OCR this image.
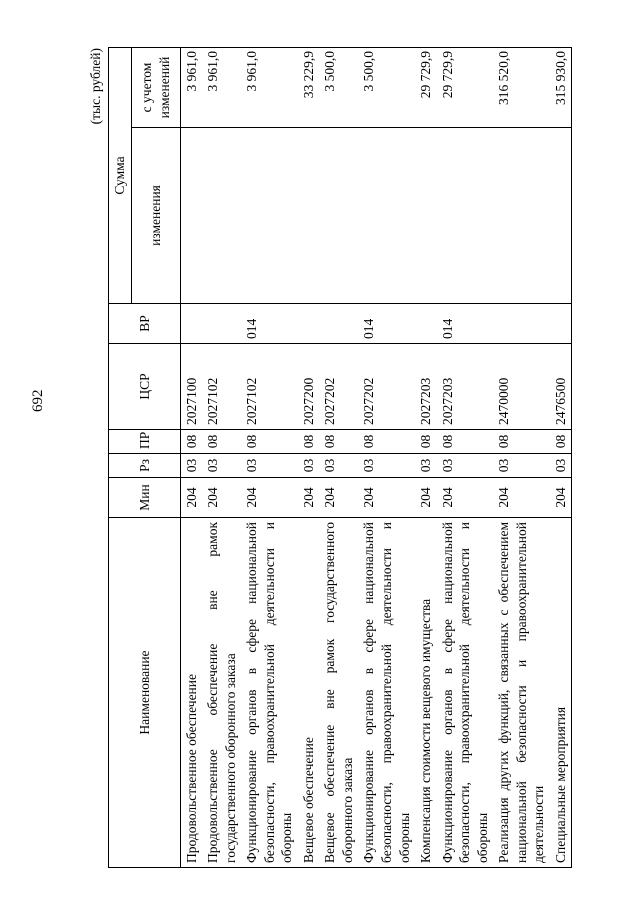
692
(тыс. рублей)
Наименование	Мин	Рз	ПР	ЦСР	ВР	Сумма	
						изменения	с учетом изменений
Продовольственное обеспечение	204	03	08	2027100			3 961,0
Продовольственное обеспечение вне рамок государственного оборонного заказа	204	03	08	2027102			3 961,0
Функционирование органов в сфере национальной безопасности, правоохранительной деятельности и обороны	204	03	08	2027102	014		3 961,0
Вещевое обеспечение	204	03	08	2027200			33 229,9
Вещевое обеспечение вне рамок государственного оборонного заказа	204	03	08	2027202			3 500,0
Функционирование органов в сфере национальной безопасности, правоохранительной деятельности и обороны	204	03	08	2027202	014		3 500,0
Компенсация стоимости вещевого имущества	204	03	08	2027203			29 729,9
Функционирование органов в сфере национальной безопасности, правоохранительной деятельности и обороны	204	03	08	2027203	014		29 729,9
Реализация других функций, связанных с обеспечением национальной безопасности и правоохранительной деятельности	204	03	08	2470000			316 520,0
Специальные мероприятия	204	03	08	2476500			315 930,0
